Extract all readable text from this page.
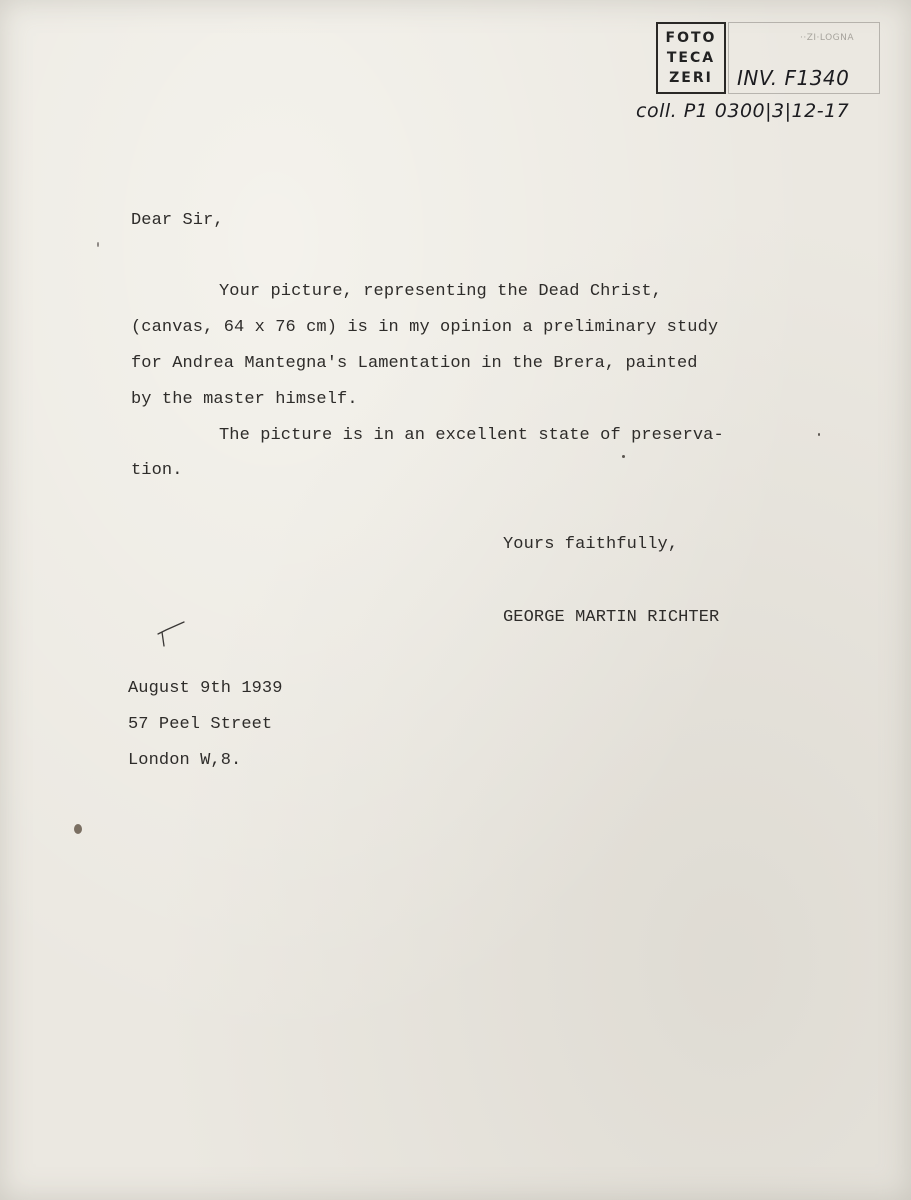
FOTO
TECA
ZERI
··ZI·LOGNA
INV. F1340
coll. P1 0300|3|12-17
Dear Sir,
Your picture, representing the Dead Christ,
(canvas, 64 x 76 cm) is in my opinion a preliminary study
for Andrea Mantegna's Lamentation in the Brera, painted
by the master himself.
The picture is in an excellent state of preserva-
tion.
Yours faithfully,
GEORGE MARTIN RICHTER
August 9th 1939
57 Peel Street
London W,8.
